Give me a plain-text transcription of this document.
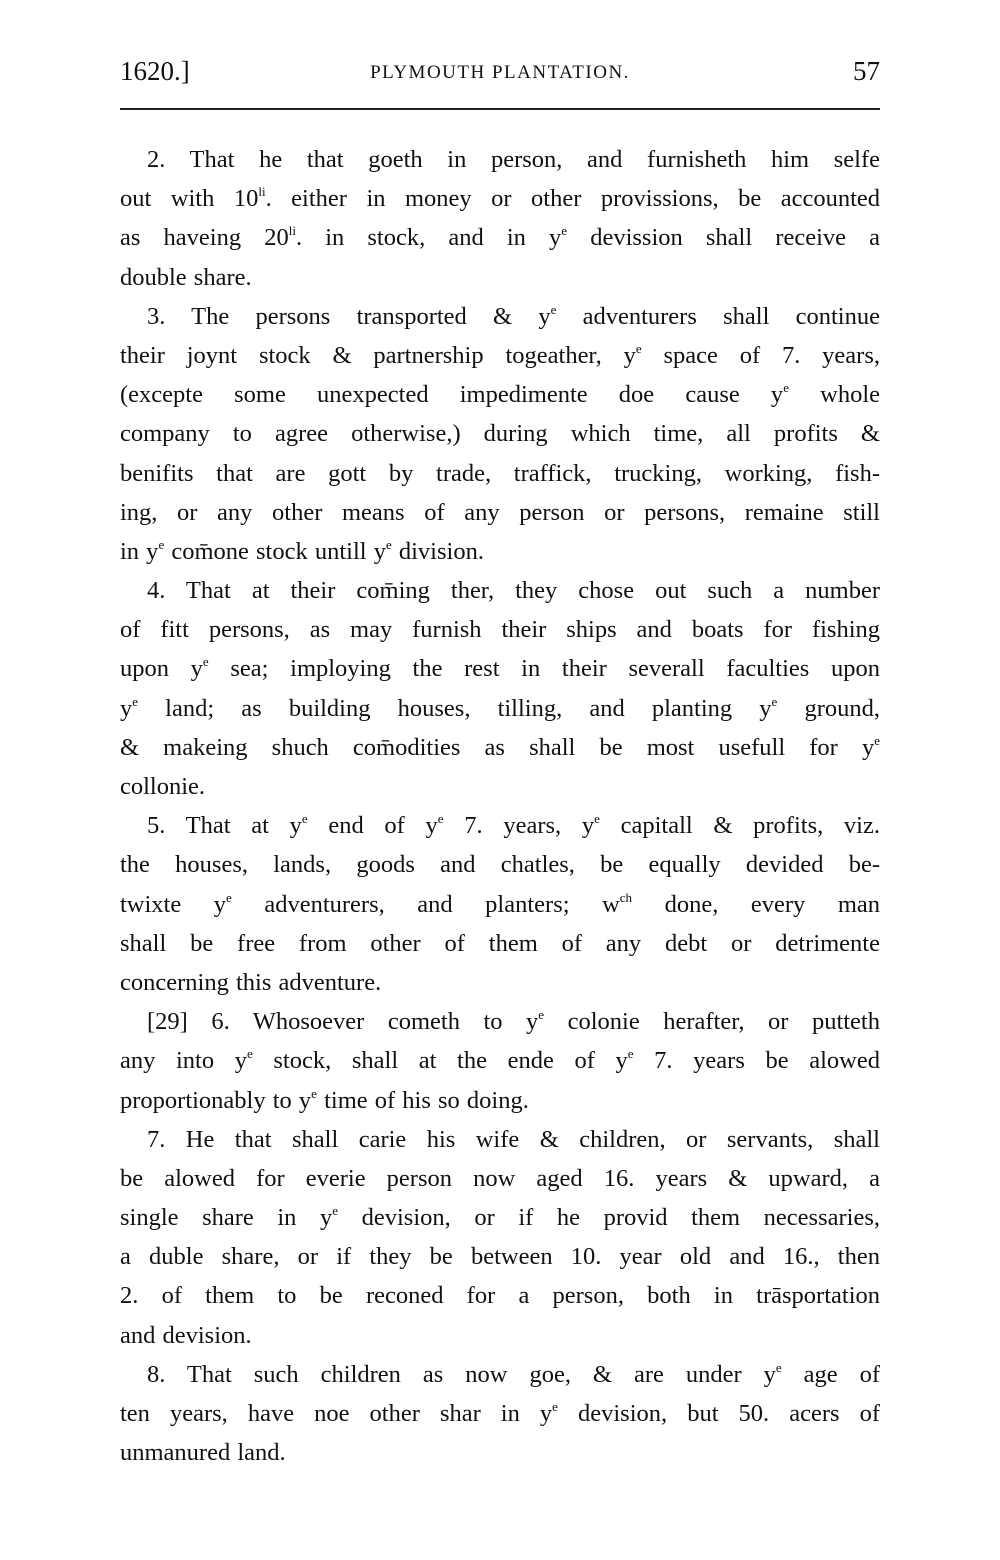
1620.]	PLYMOUTH PLANTATION.	57
2. That he that goeth in person, and furnisheth him selfe
out with $10^{li}$. either in money or other provissions, be accounted
as haveing $20^{li}$. in stock, and in $y^e$ devission shall receive a
double share.
3. The persons transported & $y^e$ adventurers shall continue
their joynt stock & partnership togeather, $y^e$ space of 7. years,
(excepte some unexpected impedimente doe cause $y^e$ whole
company to agree otherwise,) during which time, all profits &
benifits that are gott by trade, traffick, trucking, working, fish-
ing, or any other means of any person or persons, remaine still
in $y^e$ com̄one stock untill $y^e$ division.
4. That at their com̄ing ther, they chose out such a number
of fitt persons, as may furnish their ships and boats for fishing
upon $y^e$ sea; imploying the rest in their severall faculties upon
$y^e$ land; as building houses, tilling, and planting $y^e$ ground,
& makeing shuch com̄odities as shall be most usefull for $y^e$
collonie.
5. That at $y^e$ end of $y^e$ 7. years, $y^e$ capitall & profits, viz.
the houses, lands, goods and chatles, be equally devided be-
twixte $y^e$ adventurers, and planters; $w^{ch}$ done, every man
shall be free from other of them of any debt or detrimente
concerning this adventure.
[29] 6. Whosoever cometh to $y^e$ colonie herafter, or putteth
any into $y^e$ stock, shall at the ende of $y^e$ 7. years be alowed
proportionably to $y^e$ time of his so doing.
7. He that shall carie his wife & children, or servants, shall
be alowed for everie person now aged 16. years & upward, a
single share in $y^e$ devision, or if he provid them necessaries,
a duble share, or if they be between 10. year old and 16., then
2. of them to be reconed for a person, both in trāsportation
and devision.
8. That such children as now goe, & are under $y^e$ age of
ten years, have noe other shar in $y^e$ devision, but 50. acers of
unmanured land.
